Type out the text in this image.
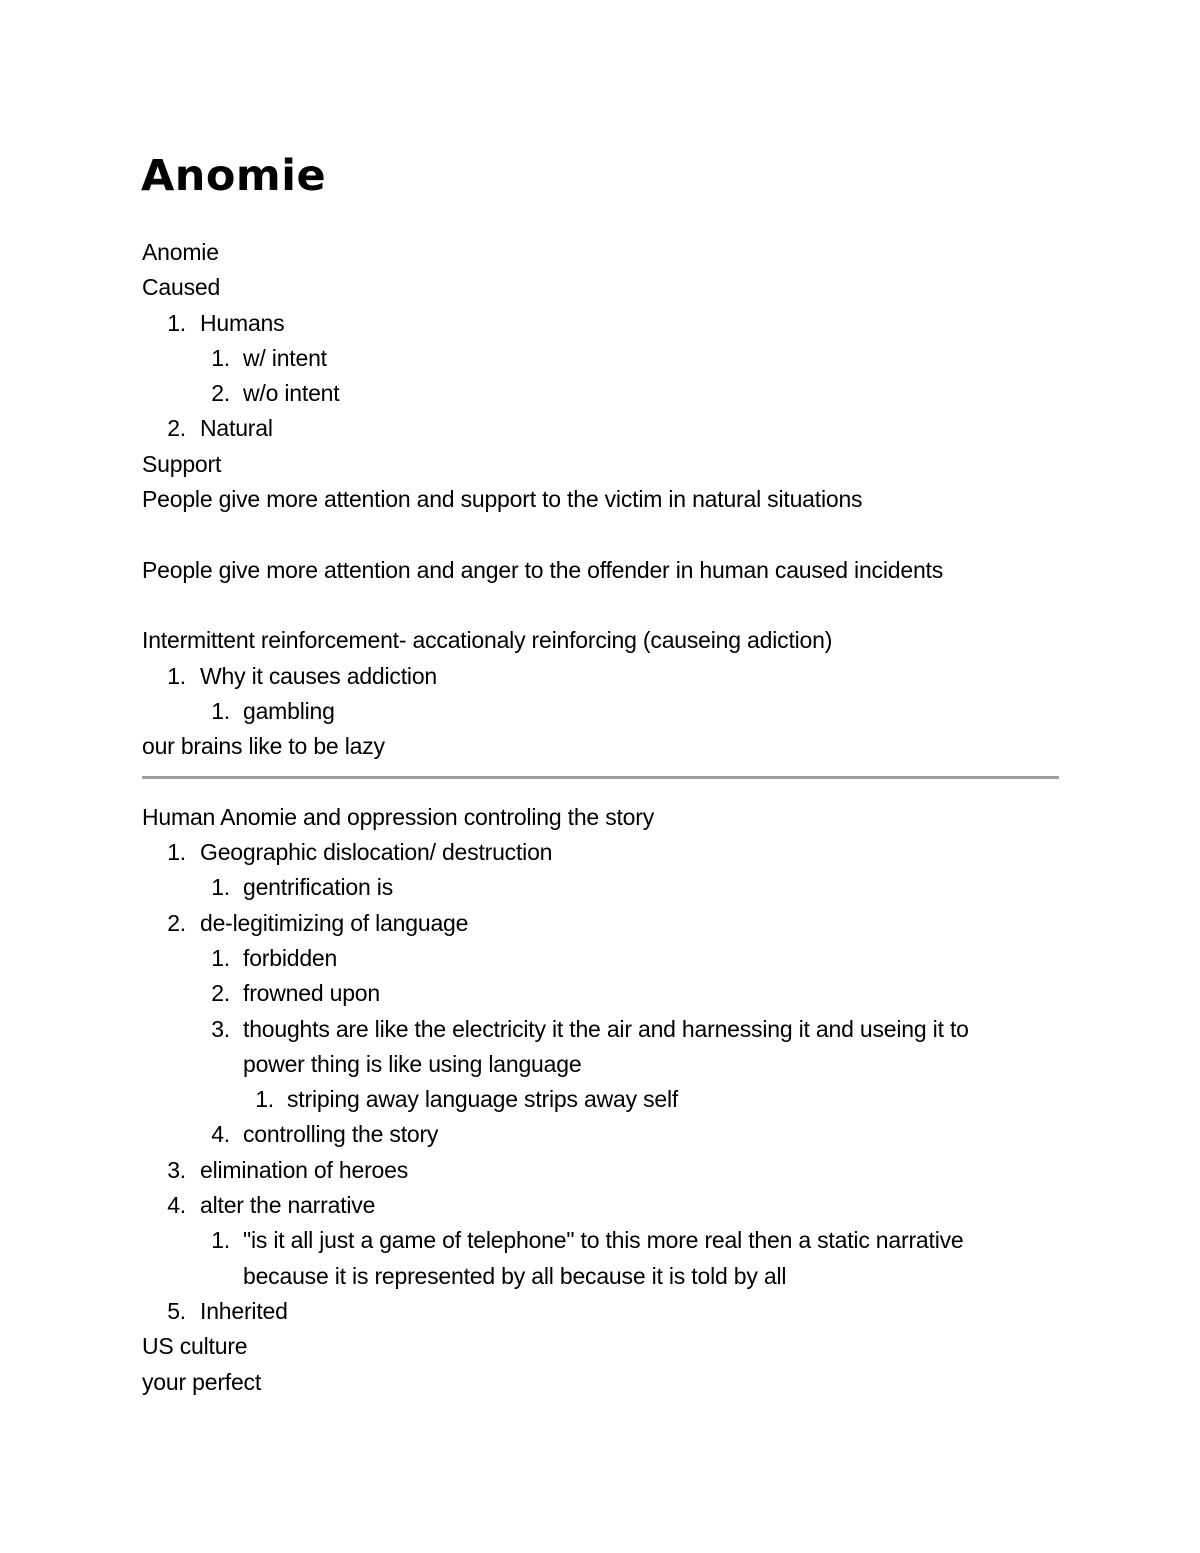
Anomie
Anomie
Caused
1. Humans
1. w/ intent
2. w/o intent
2. Natural
Support
People give more attention and support to the victim in natural situations
People give more attention and anger to the offender in human caused incidents
Intermittent reinforcement- accationaly reinforcing (causeing adiction)
1. Why it causes addiction
1. gambling
our brains like to be lazy
Human Anomie and oppression controling the story
1. Geographic dislocation/ destruction
1. gentrification is
2. de-legitimizing of language
1. forbidden
2. frowned upon
3. thoughts are like the electricity it the air and harnessing it and useing it to
power thing is like using language
1. striping away language strips away self
4. controlling the story
3. elimination of heroes
4. alter the narrative
1. "is it all just a game of telephone" to this more real then a static narrative
because it is represented by all because it is told by all
5. Inherited
US culture
your perfect
